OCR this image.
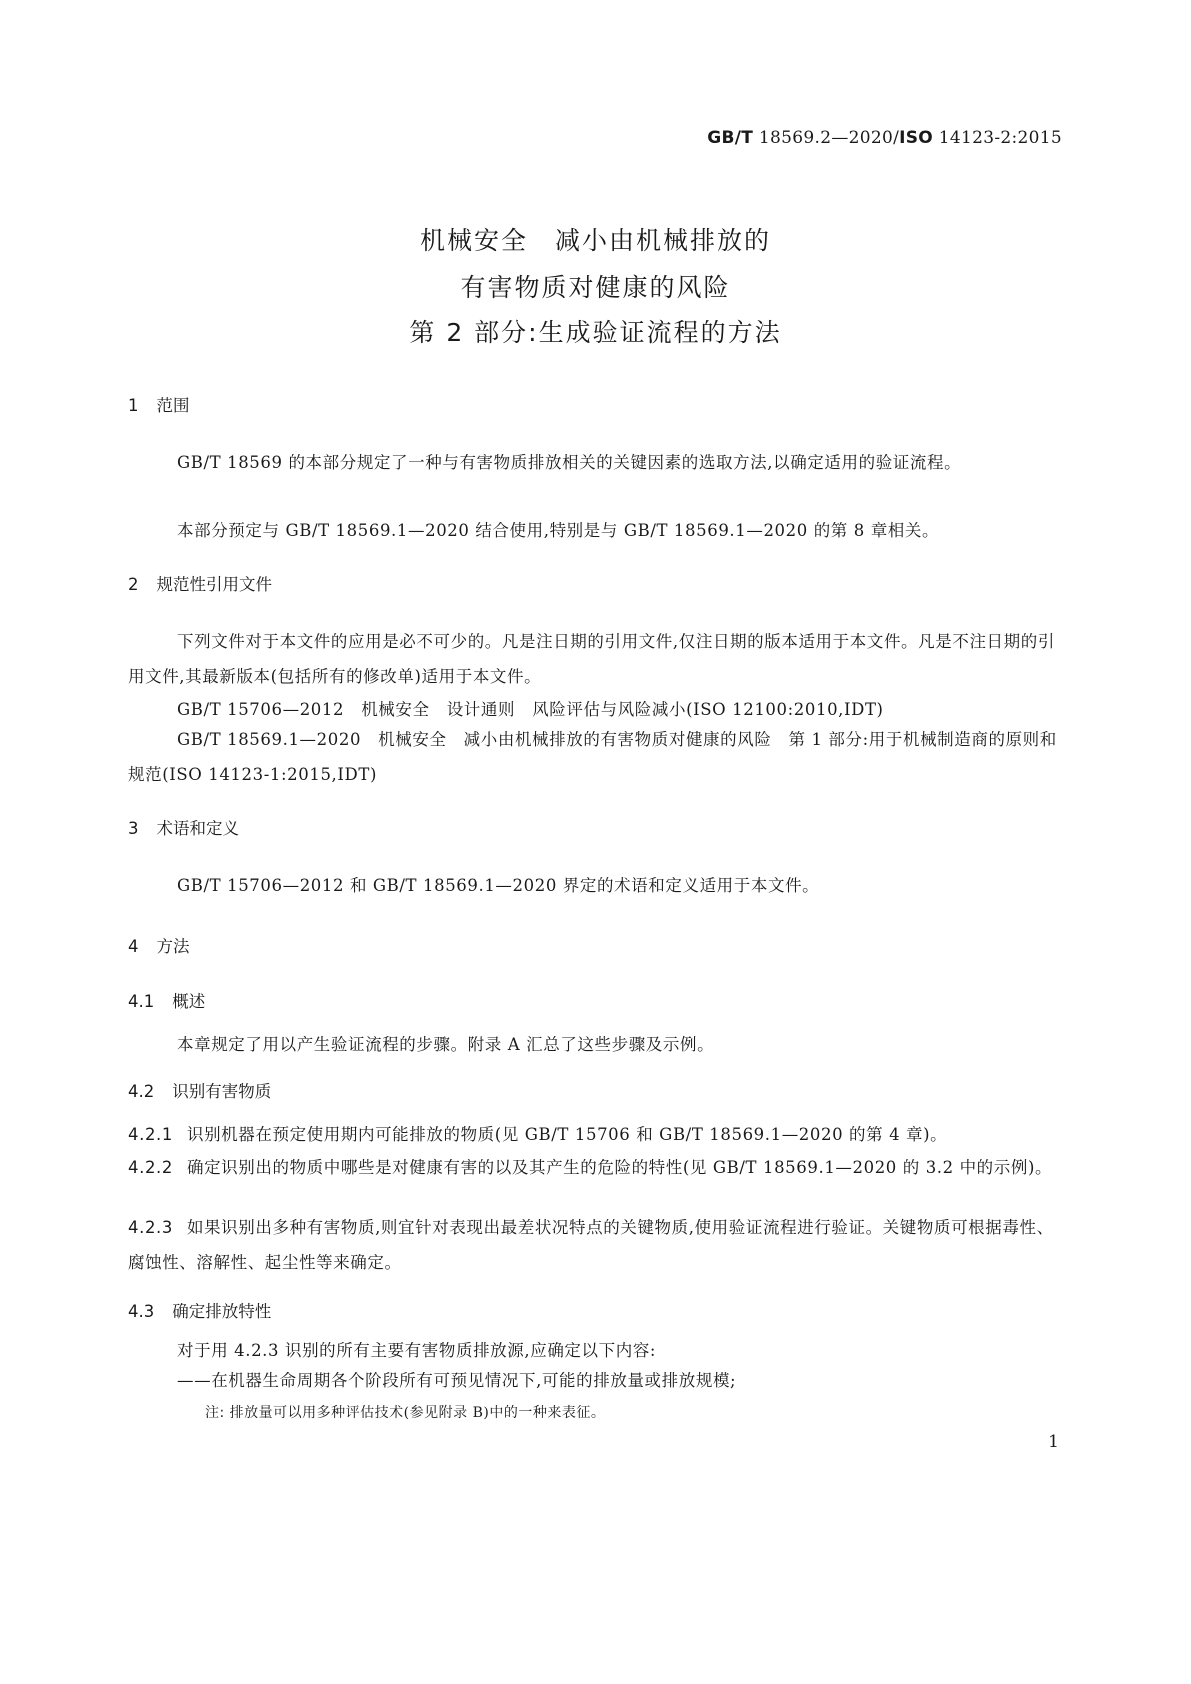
GB/T 18569.2—2020/ISO 14123-2:2015
机械安全　减小由机械排放的
有害物质对健康的风险
第 2 部分:生成验证流程的方法
1 范围
GB/T 18569 的本部分规定了一种与有害物质排放相关的关键因素的选取方法,以确定适用的验证流程。
本部分预定与 GB/T 18569.1—2020 结合使用,特别是与 GB/T 18569.1—2020 的第 8 章相关。
2 规范性引用文件
下列文件对于本文件的应用是必不可少的。凡是注日期的引用文件,仅注日期的版本适用于本文件。凡是不注日期的引用文件,其最新版本(包括所有的修改单)适用于本文件。
GB/T 15706—2012　机械安全　设计通则　风险评估与风险减小(ISO 12100:2010,IDT)
GB/T 18569.1—2020　机械安全　减小由机械排放的有害物质对健康的风险　第 1 部分:用于机械制造商的原则和规范(ISO 14123-1:2015,IDT)
3 术语和定义
GB/T 15706—2012 和 GB/T 18569.1—2020 界定的术语和定义适用于本文件。
4 方法
4.1 概述
本章规定了用以产生验证流程的步骤。附录 A 汇总了这些步骤及示例。
4.2 识别有害物质
4.2.1 识别机器在预定使用期内可能排放的物质(见 GB/T 15706 和 GB/T 18569.1—2020 的第 4 章)。
4.2.2 确定识别出的物质中哪些是对健康有害的以及其产生的危险的特性(见 GB/T 18569.1—2020 的 3.2 中的示例)。
4.2.3 如果识别出多种有害物质,则宜针对表现出最差状况特点的关键物质,使用验证流程进行验证。关键物质可根据毒性、腐蚀性、溶解性、起尘性等来确定。
4.3 确定排放特性
对于用 4.2.3 识别的所有主要有害物质排放源,应确定以下内容:
——在机器生命周期各个阶段所有可预见情况下,可能的排放量或排放规模;
注: 排放量可以用多种评估技术(参见附录 B)中的一种来表征。
1
